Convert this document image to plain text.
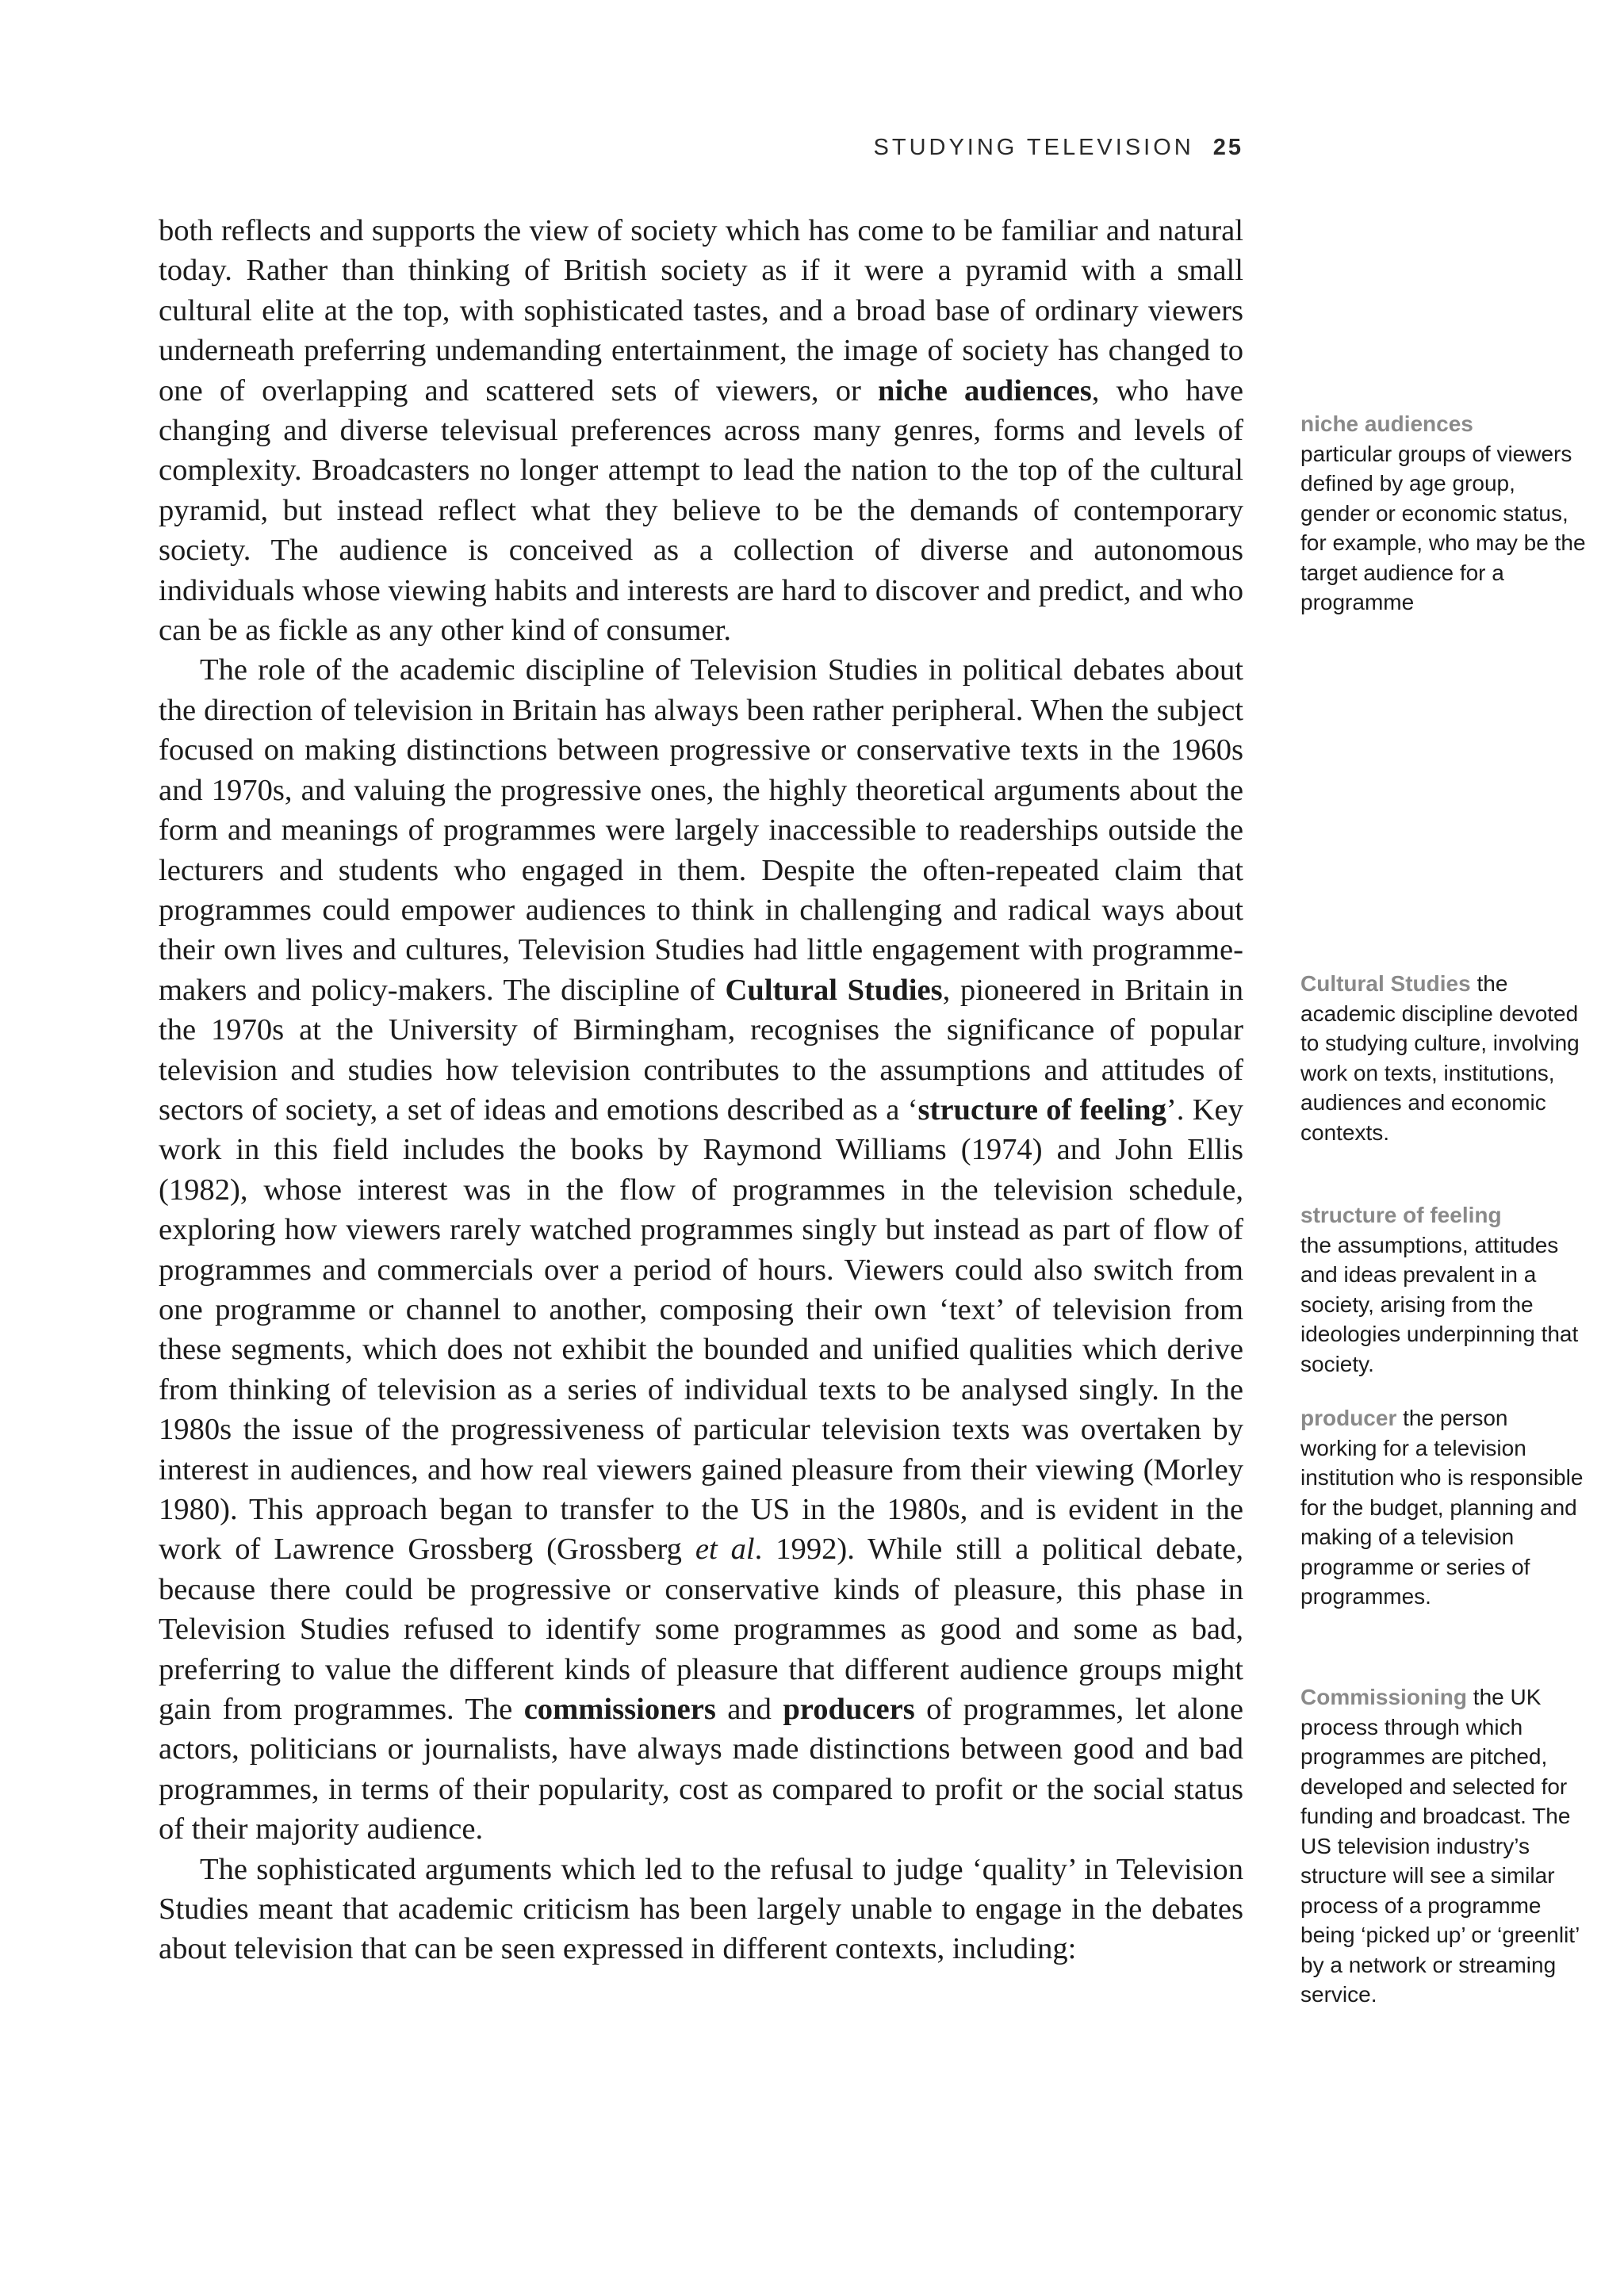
STUDYING TELEVISION 25

both reflects and supports the view of society which has come to be familiar and natural today. Rather than thinking of British society as if it were a pyramid with a small cultural elite at the top, with sophisticated tastes, and a broad base of ordinary viewers underneath preferring undemanding entertainment, the image of society has changed to one of overlapping and scattered sets of viewers, or niche audiences, who have changing and diverse televisual preferences across many genres, forms and levels of complexity. Broadcasters no longer attempt to lead the nation to the top of the cultural pyramid, but instead reflect what they believe to be the demands of contemporary society. The audience is conceived as a collection of diverse and autonomous individuals whose viewing habits and interests are hard to discover and predict, and who can be as fickle as any other kind of consumer.

The role of the academic discipline of Television Studies in political debates about the direction of television in Britain has always been rather peripheral. When the subject focused on making distinctions between progressive or conservative texts in the 1960s and 1970s, and valuing the progressive ones, the highly theoretical arguments about the form and meanings of programmes were largely inaccessible to readerships outside the lecturers and students who engaged in them. Despite the often-repeated claim that programmes could empower audiences to think in challenging and radical ways about their own lives and cultures, Television Studies had little engagement with programme-makers and policy-makers. The discipline of Cultural Studies, pioneered in Britain in the 1970s at the University of Birmingham, recognises the significance of popular television and studies how television contributes to the assumptions and attitudes of sectors of society, a set of ideas and emotions described as a ‘structure of feeling’. Key work in this field includes the books by Raymond Williams (1974) and John Ellis (1982), whose interest was in the flow of programmes in the television schedule, exploring how viewers rarely watched programmes singly but instead as part of flow of programmes and commercials over a period of hours. Viewers could also switch from one programme or channel to another, composing their own ‘text’ of television from these segments, which does not exhibit the bounded and unified qualities which derive from thinking of television as a series of individual texts to be analysed singly. In the 1980s the issue of the progressiveness of particular television texts was overtaken by interest in audiences, and how real viewers gained pleasure from their viewing (Morley 1980). This approach began to transfer to the US in the 1980s, and is evident in the work of Lawrence Grossberg (Grossberg et al. 1992). While still a political debate, because there could be progressive or conservative kinds of pleasure, this phase in Television Studies refused to identify some programmes as good and some as bad, preferring to value the different kinds of pleasure that different audience groups might gain from programmes. The commissioners and producers of programmes, let alone actors, politicians or journalists, have always made distinctions between good and bad programmes, in terms of their popularity, cost as compared to profit or the social status of their majority audience.

The sophisticated arguments which led to the refusal to judge ‘quality’ in Television Studies meant that academic criticism has been largely unable to engage in the debates about television that can be seen expressed in different contexts, including:

niche audiences
particular groups of viewers defined by age group, gender or economic status, for example, who may be the target audience for a programme
Cultural Studies the academic discipline devoted to studying culture, involving work on texts, institutions, audiences and economic contexts.
structure of feeling
the assumptions, attitudes and ideas prevalent in a society, arising from the ideologies underpinning that society.
producer the person working for a television institution who is responsible for the budget, planning and making of a television programme or series of programmes.
Commissioning the UK process through which programmes are pitched, developed and selected for funding and broadcast. The US television industry’s structure will see a similar process of a programme being ‘picked up’ or ‘greenlit’ by a network or streaming service.
